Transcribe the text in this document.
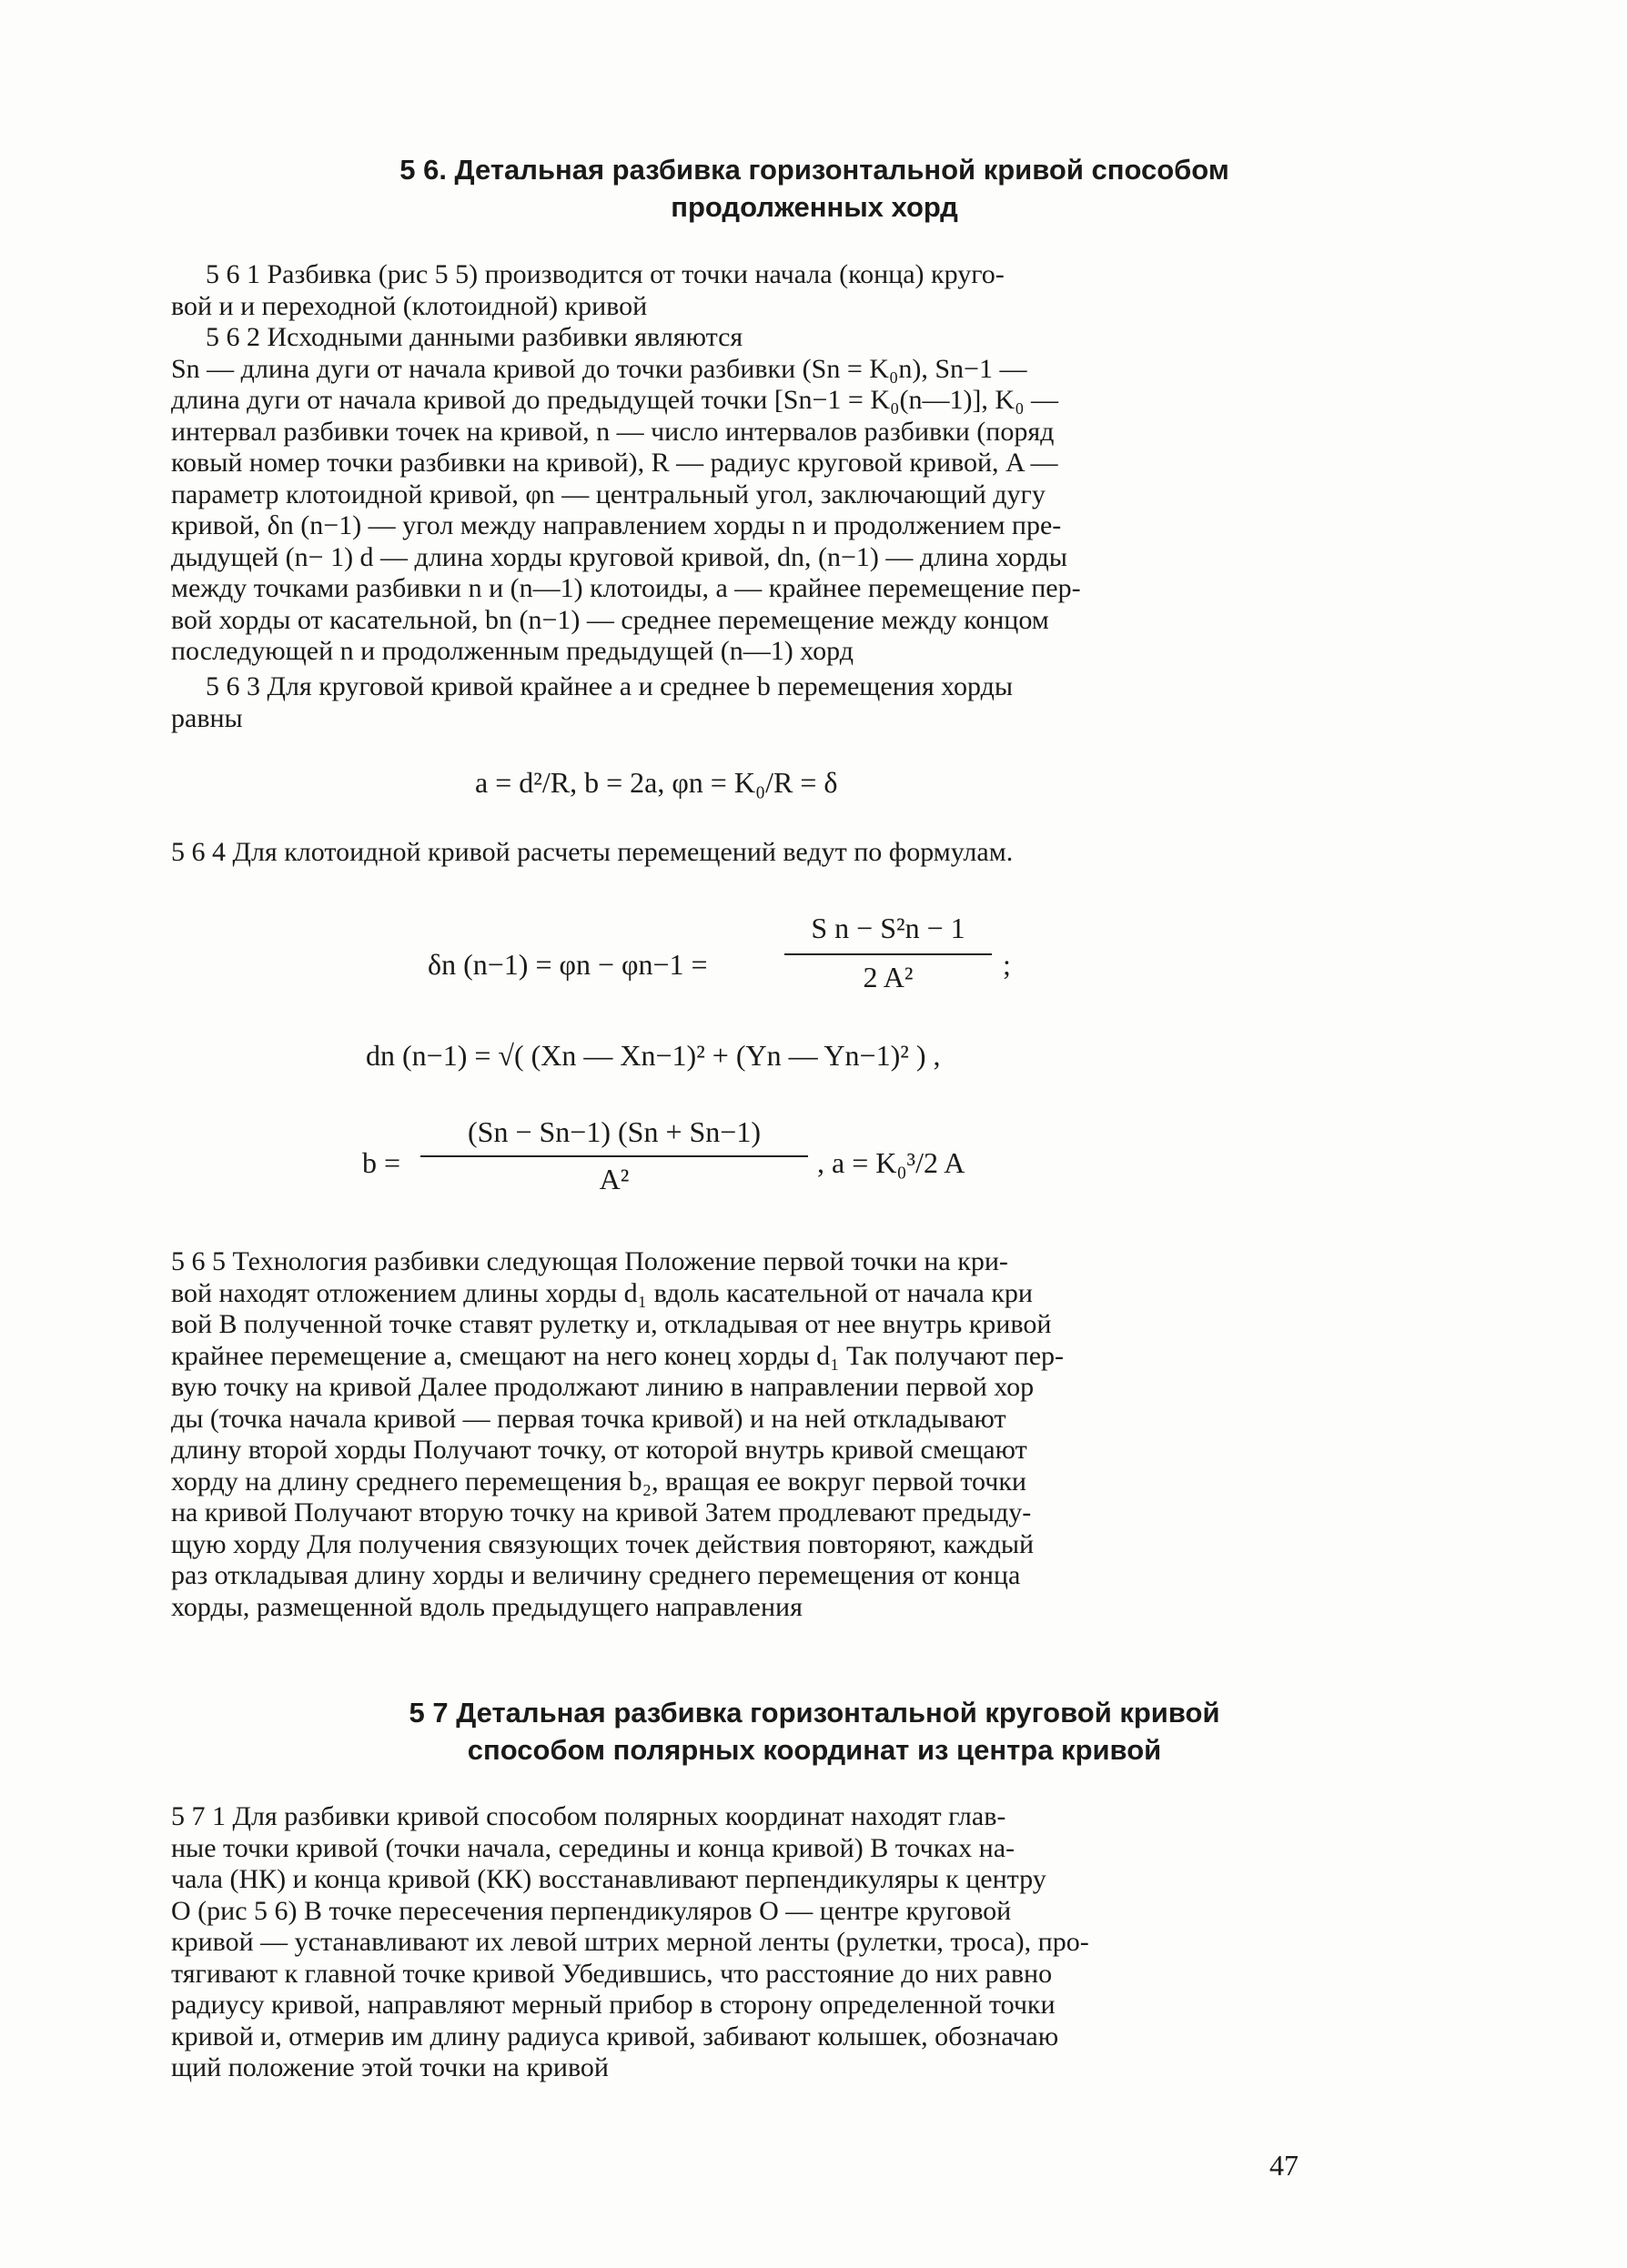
5 6. Детальная разбивка горизонтальной кривой способом
продолженных хорд
5 6 1 Разбивка (рис 5 5) производится от точки начала (конца) круго-
вой и и переходной (клотоидной) кривой
5 6 2 Исходными данными разбивки являются
Sn — длина дуги от начала кривой до точки разбивки (Sn = K₀n), Sn−1 —
длина дуги от начала кривой до предыдущей точки [Sn−1 = K₀(n—1)], K₀ —
интервал разбивки точек на кривой, n — число интервалов разбивки (поряд
ковый номер точки разбивки на кривой), R — радиус круговой кривой, A —
параметр клотоидной кривой, φn — центральный угол, заключающий дугу
кривой, δn (n−1) — угол между направлением хорды n и продолжением пре-
дыдущей (n− 1) d — длина хорды круговой кривой, dn, (n−1) — длина хорды
между точками разбивки n и (n—1) клотоиды, a — крайнее перемещение пер-
вой хорды от касательной, bn (n−1) — среднее перемещение между концом
последующей n и продолженным предыдущей (n—1) хорд
5 6 3 Для круговой кривой крайнее a и среднее b перемещения хорды
равны
a = d²/R, b = 2a, φn = K₀/R = δ
5 6 4 Для клотоидной кривой расчеты перемещений ведут по формулам.
δn (n−1) = φn − φn−1 =
S n − S²n − 1
2 A²	;
dn (n−1) = √( (Xn — Xn−1)² + (Yn — Yn−1)² ) ,
b =
(Sn − Sn−1) (Sn + Sn−1)
A²	, a = K₀³/2 A
5 6 5 Технология разбивки следующая Положение первой точки на кри-
вой находят отложением длины хорды d₁ вдоль касательной от начала кри
вой В полученной точке ставят рулетку и, откладывая от нее внутрь кривой
крайнее перемещение a, смещают на него конец хорды d₁ Так получают пер-
вую точку на кривой Далее продолжают линию в направлении первой хор
ды (точка начала кривой — первая точка кривой) и на ней откладывают
длину второй хорды Получают точку, от которой внутрь кривой смещают
хорду на длину среднего перемещения b₂, вращая ее вокруг первой точки
на кривой Получают вторую точку на кривой Затем продлевают предыду-
щую хорду Для получения связующих точек действия повторяют, каждый
раз откладывая длину хорды и величину среднего перемещения от конца
хорды, размещенной вдоль предыдущего направления
5 7 Детальная разбивка горизонтальной круговой кривой
способом полярных координат из центра кривой
5 7 1 Для разбивки кривой способом полярных координат находят глав-
ные точки кривой (точки начала, середины и конца кривой) В точках на-
чала (НК) и конца кривой (КК) восстанавливают перпендикуляры к центру
O (рис 5 6) В точке пересечения перпендикуляров O — центре круговой
кривой — устанавливают их левой штрих мерной ленты (рулетки, троса), про-
тягивают к главной точке кривой Убедившись, что расстояние до них равно
радиусу кривой, направляют мерный прибор в сторону определенной точки
кривой и, отмерив им длину радиуса кривой, забивают колышек, обозначаю
щий положение этой точки на кривой
47
